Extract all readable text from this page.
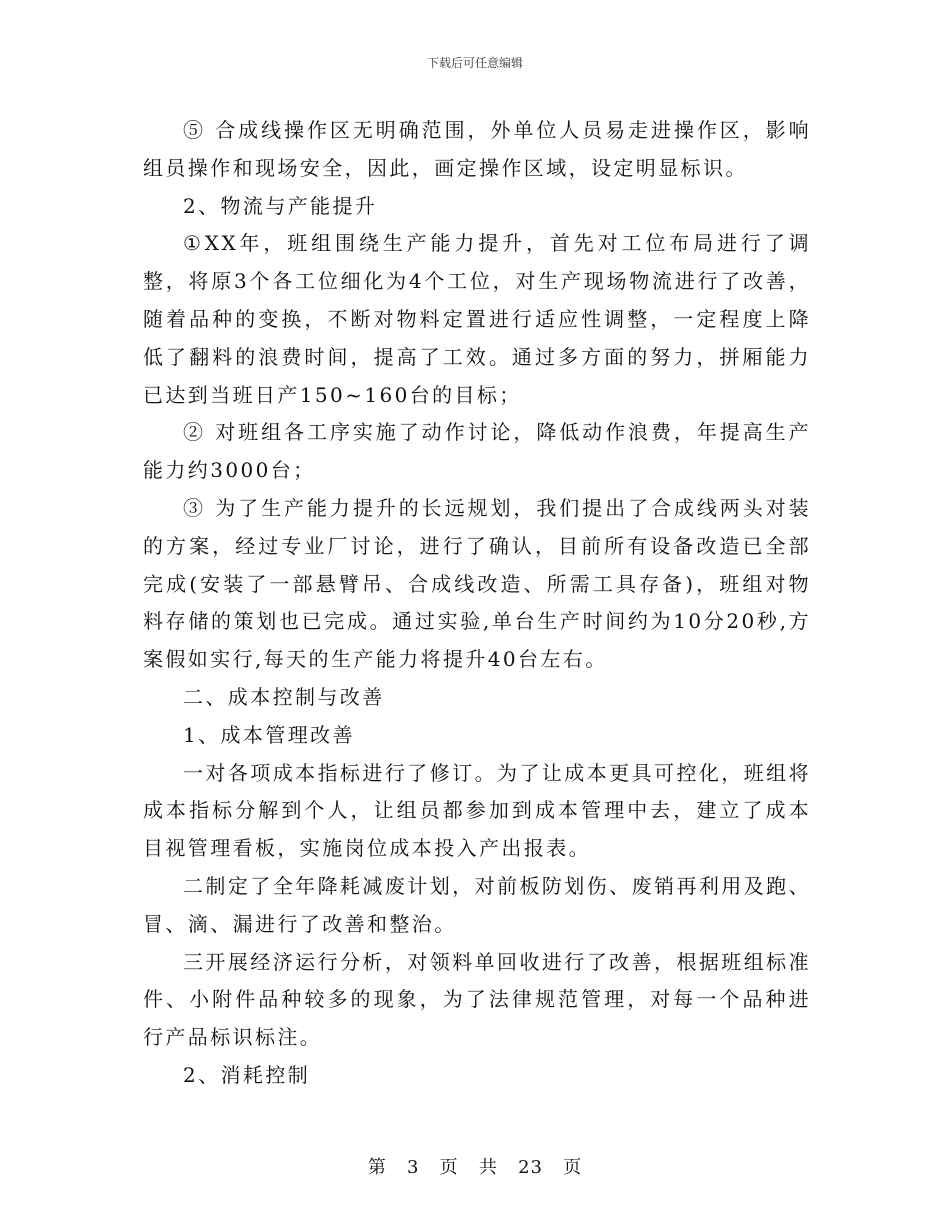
下载后可任意编辑

⑤ 合成线操作区无明确范围，外单位人员易走进操作区，影响组员操作和现场安全，因此，画定操作区域，设定明显标识。

2、物流与产能提升

①XX年，班组围绕生产能力提升，首先对工位布局进行了调整，将原3个各工位细化为4个工位，对生产现场物流进行了改善，随着品种的变换，不断对物料定置进行适应性调整，一定程度上降低了翻料的浪费时间，提高了工效。通过多方面的努力，拼厢能力已达到当班日产150~160台的目标；

② 对班组各工序实施了动作讨论，降低动作浪费，年提高生产能力约3000台；

③ 为了生产能力提升的长远规划，我们提出了合成线两头对装的方案，经过专业厂讨论，进行了确认，目前所有设备改造已全部完成(安装了一部悬臂吊、合成线改造、所需工具存备)，班组对物料存储的策划也已完成。通过实验,单台生产时间约为10分20秒,方案假如实行,每天的生产能力将提升40台左右。

二、成本控制与改善

1、成本管理改善

一对各项成本指标进行了修订。为了让成本更具可控化，班组将成本指标分解到个人，让组员都参加到成本管理中去，建立了成本目视管理看板，实施岗位成本投入产出报表。

二制定了全年降耗减废计划，对前板防划伤、废销再利用及跑、冒、滴、漏进行了改善和整治。

三开展经济运行分析，对领料单回收进行了改善，根据班组标准件、小附件品种较多的现象，为了法律规范管理，对每一个品种进行产品标识标注。

2、消耗控制

第 3 页 共 23 页
